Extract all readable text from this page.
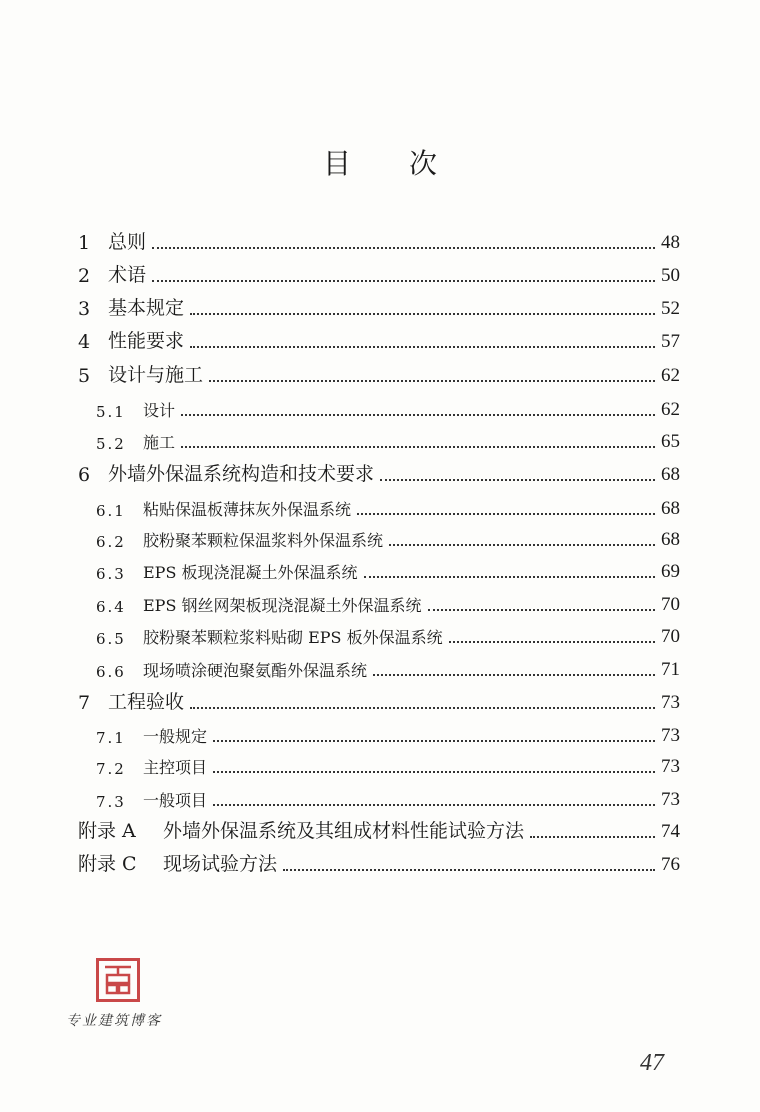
目 次
1 总则	48
2 术语	50
3 基本规定	52
4 性能要求	57
5 设计与施工	62
5.1 设计	62
5.2 施工	65
6 外墙外保温系统构造和技术要求	68
6.1 粘贴保温板薄抹灰外保温系统	68
6.2 胶粉聚苯颗粒保温浆料外保温系统	68
6.3 EPS 板现浇混凝土外保温系统	69
6.4 EPS 钢丝网架板现浇混凝土外保温系统	70
6.5 胶粉聚苯颗粒浆料贴砌 EPS 板外保温系统	70
6.6 现场喷涂硬泡聚氨酯外保温系统	71
7 工程验收	73
7.1 一般规定	73
7.2 主控项目	73
7.3 一般项目	73
附录 A 外墙外保温系统及其组成材料性能试验方法	74
附录 C 现场试验方法	76
专业建筑博客
47
